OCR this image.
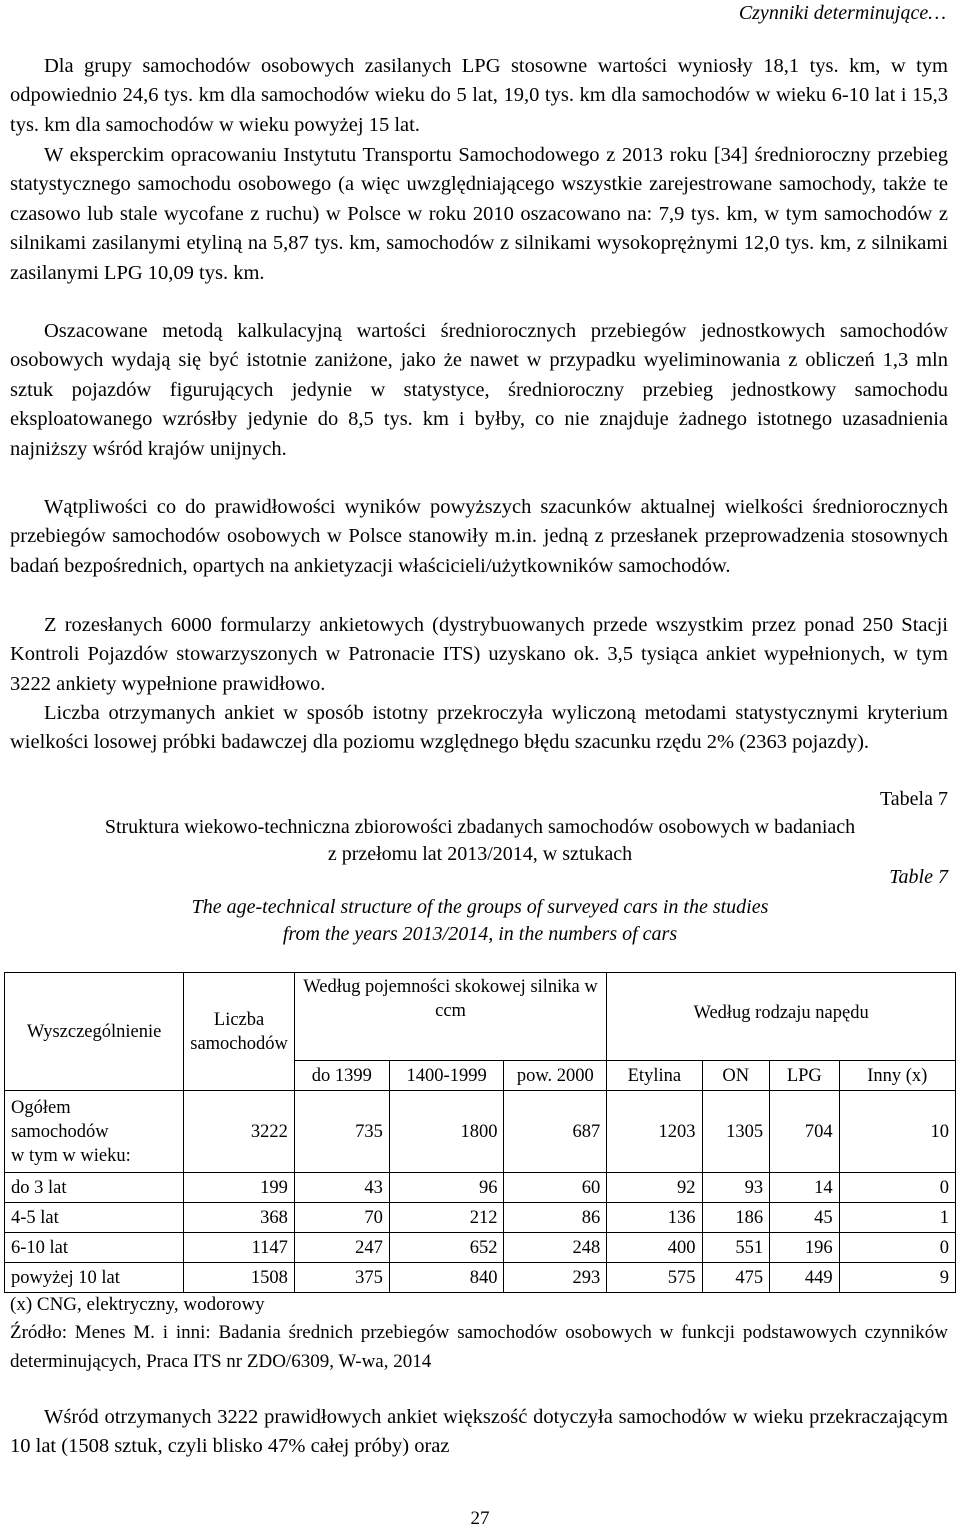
Czynniki determinujące…

Dla grupy samochodów osobowych zasilanych LPG stosowne wartości wyniosły 18,1 tys. km, w tym odpowiednio 24,6 tys. km dla samochodów wieku do 5 lat, 19,0 tys. km dla samochodów w wieku 6-10 lat i 15,3 tys. km dla samochodów w wieku powyżej 15 lat.

W eksperckim opracowaniu Instytutu Transportu Samochodowego z 2013 roku [34] średnioroczny przebieg statystycznego samochodu osobowego (a więc uwzględniającego wszystkie zarejestrowane samochody, także te czasowo lub stale wycofane z ruchu) w Polsce w roku 2010 oszacowano na: 7,9 tys. km, w tym samochodów z silnikami zasilanymi etyliną na 5,87 tys. km, samochodów z silnikami wysokoprężnymi 12,0 tys. km, z silnikami zasilanymi LPG 10,09 tys. km.

Oszacowane metodą kalkulacyjną wartości średniorocznych przebiegów jednostkowych samochodów osobowych wydają się być istotnie zaniżone, jako że nawet w przypadku wyeliminowania z obliczeń 1,3 mln sztuk pojazdów figurujących jedynie w statystyce, średnioroczny przebieg jednostkowy samochodu eksploatowanego wzrósłby jedynie do 8,5 tys. km i byłby, co nie znajduje żadnego istotnego uzasadnienia najniższy wśród krajów unijnych.

Wątpliwości co do prawidłowości wyników powyższych szacunków aktualnej wielkości średniorocznych przebiegów samochodów osobowych w Polsce stanowiły m.in. jedną z przesłanek przeprowadzenia stosownych badań bezpośrednich, opartych na ankietyzacji właścicieli/użytkowników samochodów.

Z rozesłanych 6000 formularzy ankietowych (dystrybuowanych przede wszystkim przez ponad 250 Stacji Kontroli Pojazdów stowarzyszonych w Patronacie ITS) uzyskano ok. 3,5 tysiąca ankiet wypełnionych, w tym 3222 ankiety wypełnione prawidłowo.

Liczba otrzymanych ankiet w sposób istotny przekroczyła wyliczoną metodami statystycznymi kryterium wielkości losowej próbki badawczej dla poziomu względnego błędu szacunku rzędu 2% (2363 pojazdy).

Tabela 7
Struktura wiekowo-techniczna zbiorowości zbadanych samochodów osobowych w badaniach
z przełomu lat 2013/2014, w sztukach
Table 7
The age-technical structure of the groups of surveyed cars in the studies
from the years 2013/2014, in the numbers of cars
Wyszczególnienie	Liczba samochodów	Według pojemności skokowej silnika w ccm			Według rodzaju napędu			
		do 1399	1400-1999	pow. 2000	Etylina	ON	LPG	Inny (x)
Ogółem
samochodów
w tym w wieku:	3222	735	1800	687	1203	1305	704	10
do 3 lat	199	43	96	60	92	93	14	0
4-5 lat	368	70	212	86	136	186	45	1
6-10 lat	1147	247	652	248	400	551	196	0
powyżej 10 lat	1508	375	840	293	575	475	449	9
(x) CNG, elektryczny, wodorowy
Źródło: Menes M. i inni: Badania średnich przebiegów samochodów osobowych w funkcji podstawowych czynników determinujących, Praca ITS nr ZDO/6309, W-wa, 2014

Wśród otrzymanych 3222 prawidłowych ankiet większość dotyczyła samochodów w wieku przekraczającym 10 lat (1508 sztuk, czyli blisko 47% całej próby) oraz

27
